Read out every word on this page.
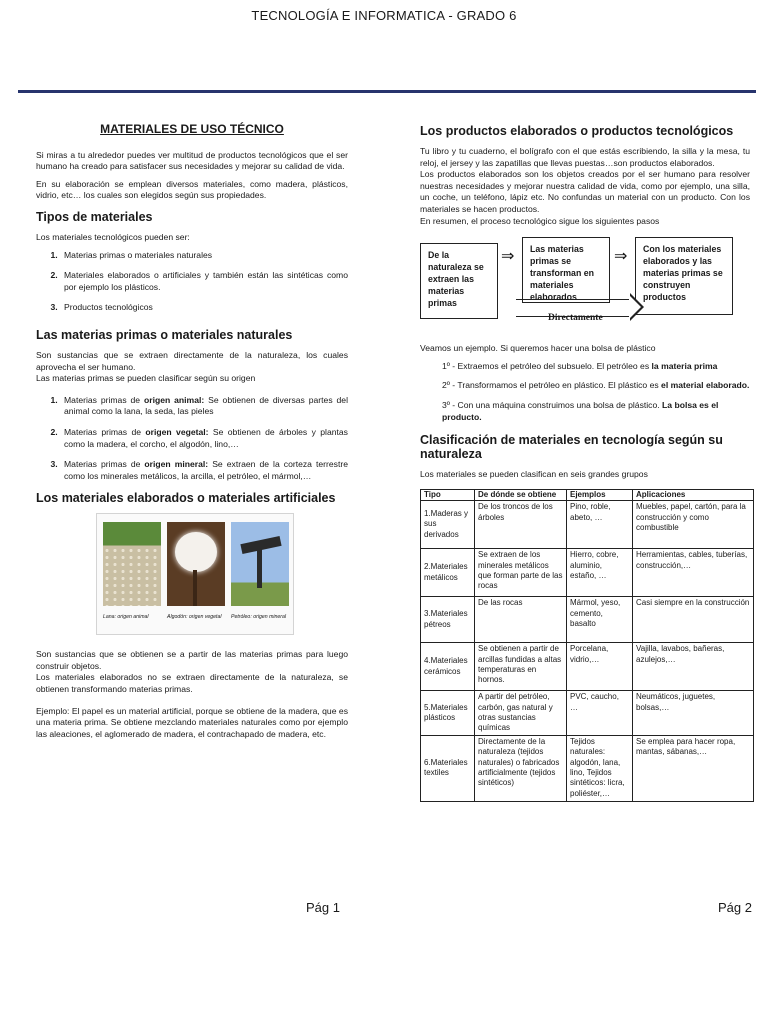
TECNOLOGÍA E INFORMATICA - GRADO 6
MATERIALES DE USO TÉCNICO

Si miras a tu alrededor puedes ver multitud de productos tecnológicos que el ser humano ha creado para satisfacer sus necesidades y mejorar su calidad de vida.

En su elaboración se emplean diversos materiales, como madera, plásticos, vidrio, etc… los cuales son elegidos según sus propiedades.

Tipos de materiales

Los materiales tecnológicos pueden ser:

1. Materias primas o materiales naturales
2. Materiales elaborados o artificiales y también están las sintéticas como por ejemplo los plásticos.
3. Productos tecnológicos
Las materias primas o materiales naturales

Son sustancias que se extraen directamente de la naturaleza, los cuales aprovecha el ser humano.

Las materias primas se pueden clasificar según su origen

1. Materias primas de origen animal: Se obtienen de diversas partes del animal como la lana, la seda, las pieles
2. Materias primas de origen vegetal: Se obtienen de árboles y plantas como la madera, el corcho, el algodón, lino,…
3. Materias primas de origen mineral: Se extraen de la corteza terrestre como los minerales metálicos, la arcilla, el petróleo, el mármol,…
Los materiales elaborados o materiales artificiales
Lana: origen animal	Algodón: origen vegetal	Petróleo: origen mineral

Son sustancias que se obtienen se a partir de las materias primas para luego construir objetos.

Los materiales elaborados no se extraen directamente de la naturaleza, se obtienen transformando materias primas.

Ejemplo: El papel es un material artificial, porque se obtiene de la madera, que es una materia prima. Se obtiene mezclando materiales naturales como por ejemplo las aleaciones, el aglomerado de madera, el contrachapado de madera, etc.

Los productos elaborados o productos tecnológicos

Tu libro y tu cuaderno, el bolígrafo con el que estás escribiendo, la silla y la mesa, tu reloj, el jersey y las zapatillas que llevas puestas…son productos elaborados.

Los productos elaborados son los objetos creados por el ser humano para resolver nuestras necesidades y mejorar nuestra calidad de vida, como por ejemplo, una silla, un coche, un teléfono, lápiz etc. No confundas un material con un producto. Con los materiales se hacen productos.

En resumen, el proceso tecnológico sigue los siguientes pasos

De la naturaleza se extraen las materias primas
⇒	Las materias primas se transforman en materiales elaborados
⇒	Con los materiales elaborados y las materias primas se construyen productos
Directamente

Veamos un ejemplo. Si queremos hacer una bolsa de plástico

1º - Extraemos el petróleo del subsuelo. El petróleo es la materia prima
2º - Transformamos el petróleo en plástico. El plástico es el material elaborado.
3º - Con una máquina construimos una bolsa de plástico. La bolsa es el producto.
Clasificación de materiales en tecnología según su naturaleza

Los materiales se pueden clasifican en seis grandes grupos

Tipo	De dónde se obtiene	Ejemplos	Aplicaciones
1.Maderas y sus derivados	De los troncos de los árboles	Pino, roble, abeto, …	Muebles, papel, cartón, para la construcción y como combustible
2.Materiales metálicos	Se extraen de los minerales metálicos que forman parte de las rocas	Hierro, cobre, aluminio, estaño, …	Herramientas, cables, tuberías, construcción,…
3.Materiales pétreos	De las rocas	Mármol, yeso, cemento, basalto	Casi siempre en la construcción
4.Materiales cerámicos	Se obtienen a partir de arcillas fundidas a altas temperaturas en hornos.	Porcelana, vidrio,…	Vajilla, lavabos, bañeras, azulejos,…
5.Materiales plásticos	A partir del petróleo, carbón, gas natural y otras sustancias químicas	PVC, caucho, …	Neumáticos, juguetes, bolsas,…
6.Materiales textiles	Directamente de la naturaleza (tejidos naturales) o fabricados artificialmente (tejidos sintéticos)	Tejidos naturales: algodón, lana, lino, Tejidos sintéticos: licra, poliéster,…	Se emplea para hacer ropa, mantas, sábanas,…
Pág 1	Pág 2
